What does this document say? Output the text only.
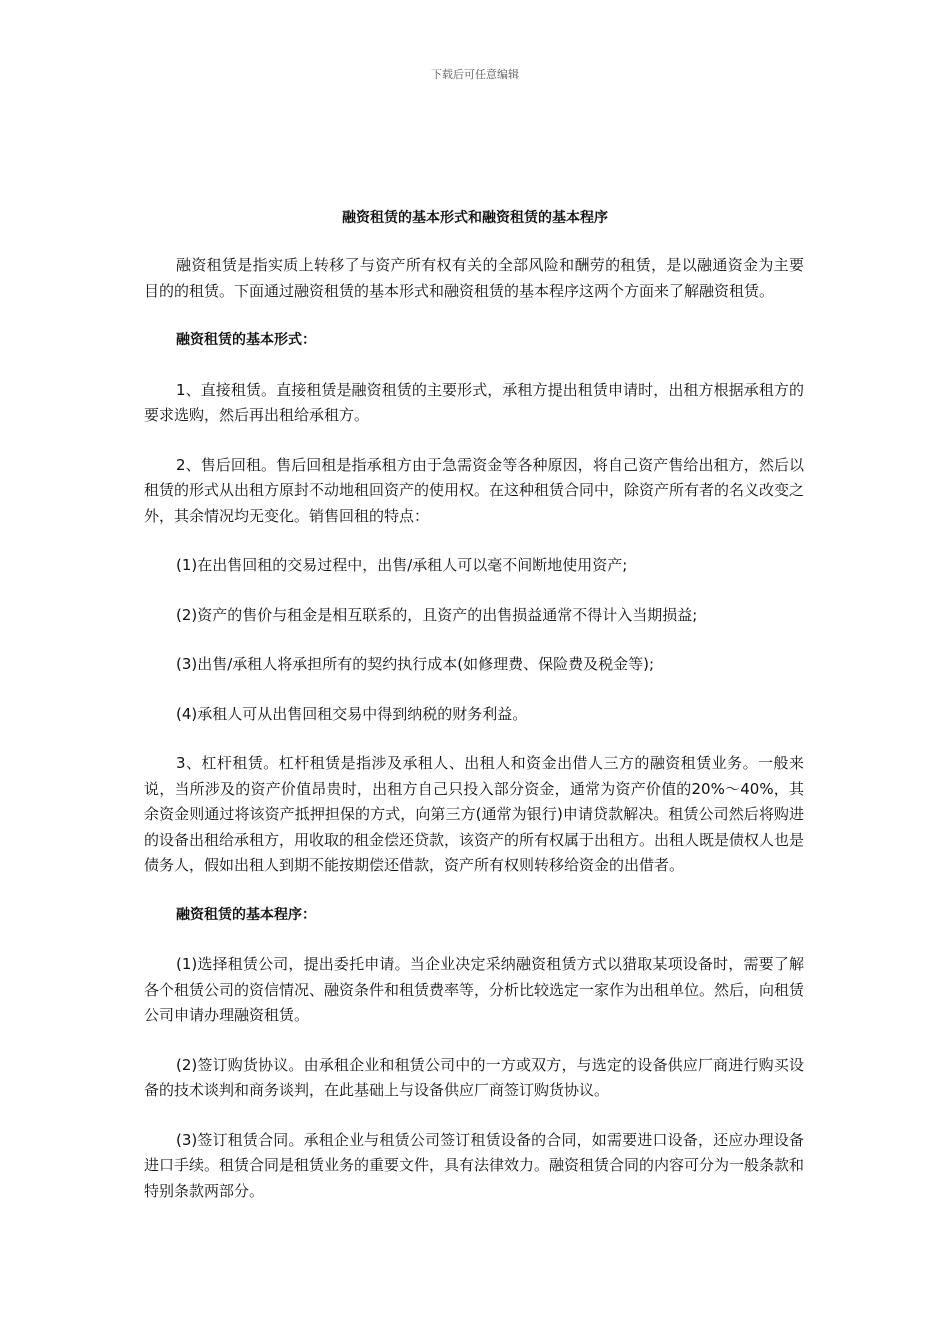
下载后可任意编辑
融资租赁的基本形式和融资租赁的基本程序

融资租赁是指实质上转移了与资产所有权有关的全部风险和酬劳的租赁，是以融通资金为主要目的的租赁。下面通过融资租赁的基本形式和融资租赁的基本程序这两个方面来了解融资租赁。

融资租赁的基本形式：

1、直接租赁。直接租赁是融资租赁的主要形式，承租方提出租赁申请时，出租方根据承租方的要求选购，然后再出租给承租方。

2、售后回租。售后回租是指承租方由于急需资金等各种原因，将自己资产售给出租方，然后以租赁的形式从出租方原封不动地租回资产的使用权。在这种租赁合同中，除资产所有者的名义改变之外，其余情况均无变化。销售回租的特点：

(1)在出售回租的交易过程中，出售/承租人可以毫不间断地使用资产;

(2)资产的售价与租金是相互联系的，且资产的出售损益通常不得计入当期损益;

(3)出售/承租人将承担所有的契约执行成本(如修理费、保险费及税金等);

(4)承租人可从出售回租交易中得到纳税的财务利益。

3、杠杆租赁。杠杆租赁是指涉及承租人、出租人和资金出借人三方的融资租赁业务。一般来说，当所涉及的资产价值昂贵时，出租方自己只投入部分资金，通常为资产价值的20%～40%，其余资金则通过将该资产抵押担保的方式，向第三方(通常为银行)申请贷款解决。租赁公司然后将购进的设备出租给承租方，用收取的租金偿还贷款，该资产的所有权属于出租方。出租人既是债权人也是债务人，假如出租人到期不能按期偿还借款，资产所有权则转移给资金的出借者。

融资租赁的基本程序：

(1)选择租赁公司，提出委托申请。当企业决定采纳融资租赁方式以猎取某项设备时，需要了解各个租赁公司的资信情况、融资条件和租赁费率等，分析比较选定一家作为出租单位。然后，向租赁公司申请办理融资租赁。

(2)签订购货协议。由承租企业和租赁公司中的一方或双方，与选定的设备供应厂商进行购买设备的技术谈判和商务谈判，在此基础上与设备供应厂商签订购货协议。

(3)签订租赁合同。承租企业与租赁公司签订租赁设备的合同，如需要进口设备，还应办理设备进口手续。租赁合同是租赁业务的重要文件，具有法律效力。融资租赁合同的内容可分为一般条款和特别条款两部分。
